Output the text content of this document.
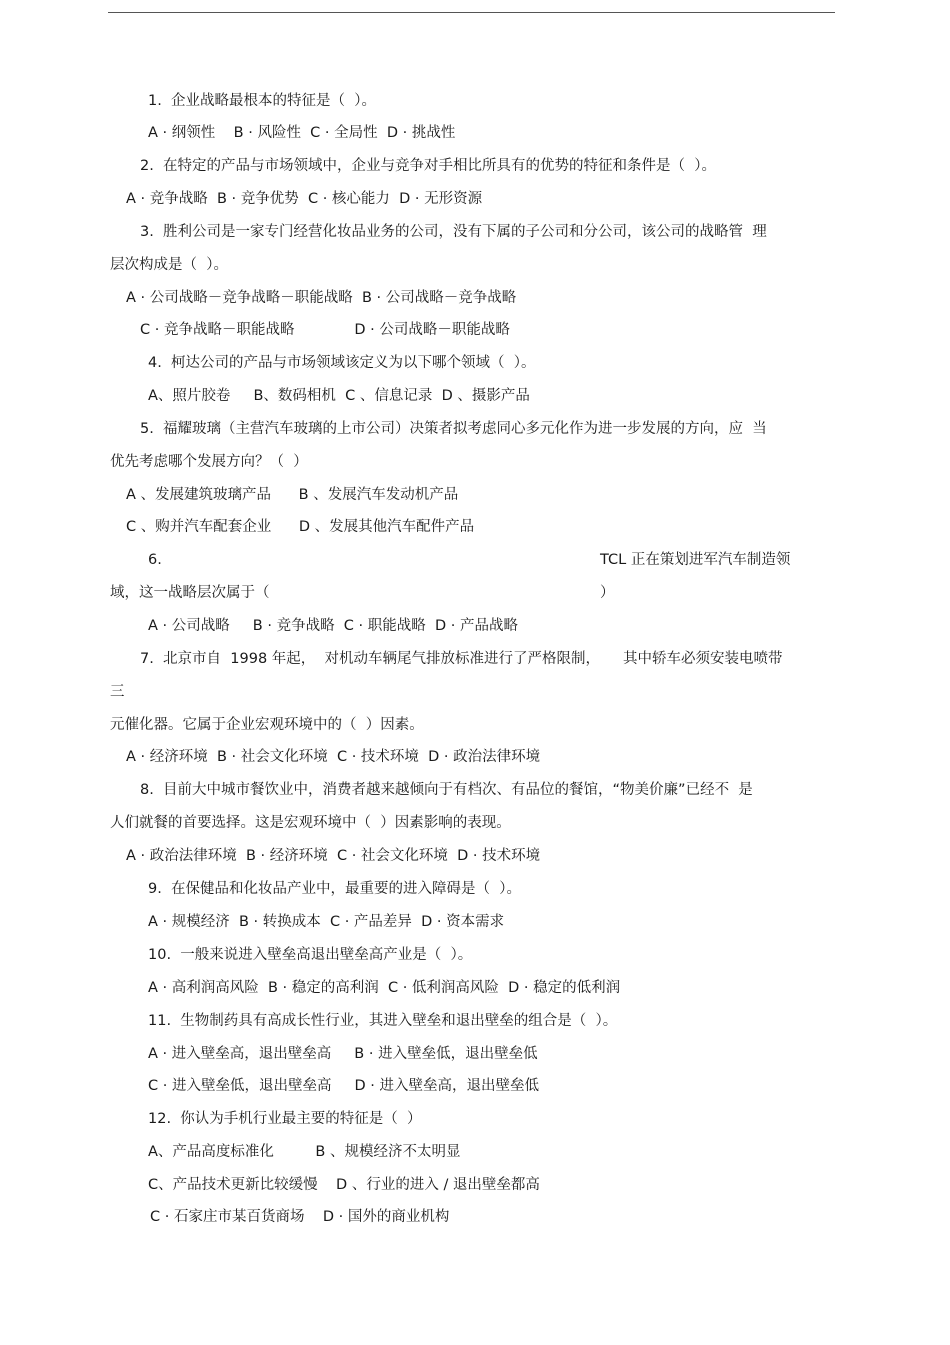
1.  企业战略最根本的特征是（  ）。
A · 纲领性    B · 风险性  C · 全局性  D · 挑战性
2.  在特定的产品与市场领域中，企业与竞争对手相比所具有的优势的特征和条件是（  ）。
A · 竞争战略  B · 竞争优势  C · 核心能力  D · 无形资源
3.  胜利公司是一家专门经营化妆品业务的公司，没有下属的子公司和分公司，该公司的战略管  理
层次构成是（  ）。
A · 公司战略－竞争战略－职能战略  B · 公司战略－竞争战略
C · 竞争战略－职能战略             D · 公司战略－职能战略
4.  柯达公司的产品与市场领域该定义为以下哪个领域（  ）。
A、照片胶卷     B、数码相机  C 、信息记录  D 、摄影产品
5.  福耀玻璃（主营汽车玻璃的上市公司）决策者拟考虑同心多元化作为进一步发展的方向，应  当
优先考虑哪个发展方向？（  ）
A 、发展建筑玻璃产品      B 、发展汽车发动机产品
C 、购并汽车配套企业      D 、发展其他汽车配件产品
6.	TCL 正在策划进军汽车制造领
域，这一战略层次属于（	）
A · 公司战略     B · 竞争战略  C · 职能战略  D · 产品战略
7.  北京市自  1998 年起，  对机动车辆尾气排放标准进行了严格限制，     其中轿车必须安装电喷带
三
元催化器。它属于企业宏观环境中的（  ）因素。
A · 经济环境  B · 社会文化环境  C · 技术环境  D · 政治法律环境
8.  目前大中城市餐饮业中，消费者越来越倾向于有档次、有品位的餐馆，“物美价廉”已经不  是
人们就餐的首要选择。这是宏观环境中（  ）因素影响的表现。
A · 政治法律环境  B · 经济环境  C · 社会文化环境  D · 技术环境
9.  在保健品和化妆品产业中，最重要的进入障碍是（  ）。
A · 规模经济  B · 转换成本  C · 产品差异  D · 资本需求
10.  一般来说进入壁垒高退出壁垒高产业是（  ）。
A · 高利润高风险  B · 稳定的高利润  C · 低利润高风险  D · 稳定的低利润
11.  生物制药具有高成长性行业，其进入壁垒和退出壁垒的组合是（  ）。
A · 进入壁垒高，退出壁垒高     B · 进入壁垒低，退出壁垒低
C · 进入壁垒低，退出壁垒高     D · 进入壁垒高，退出壁垒低
12.  你认为手机行业最主要的特征是（  ）
A、产品高度标准化         B 、规模经济不太明显
C、产品技术更新比较缓慢    D 、行业的进入 / 退出壁垒都高
C · 石家庄市某百货商场    D · 国外的商业机构
